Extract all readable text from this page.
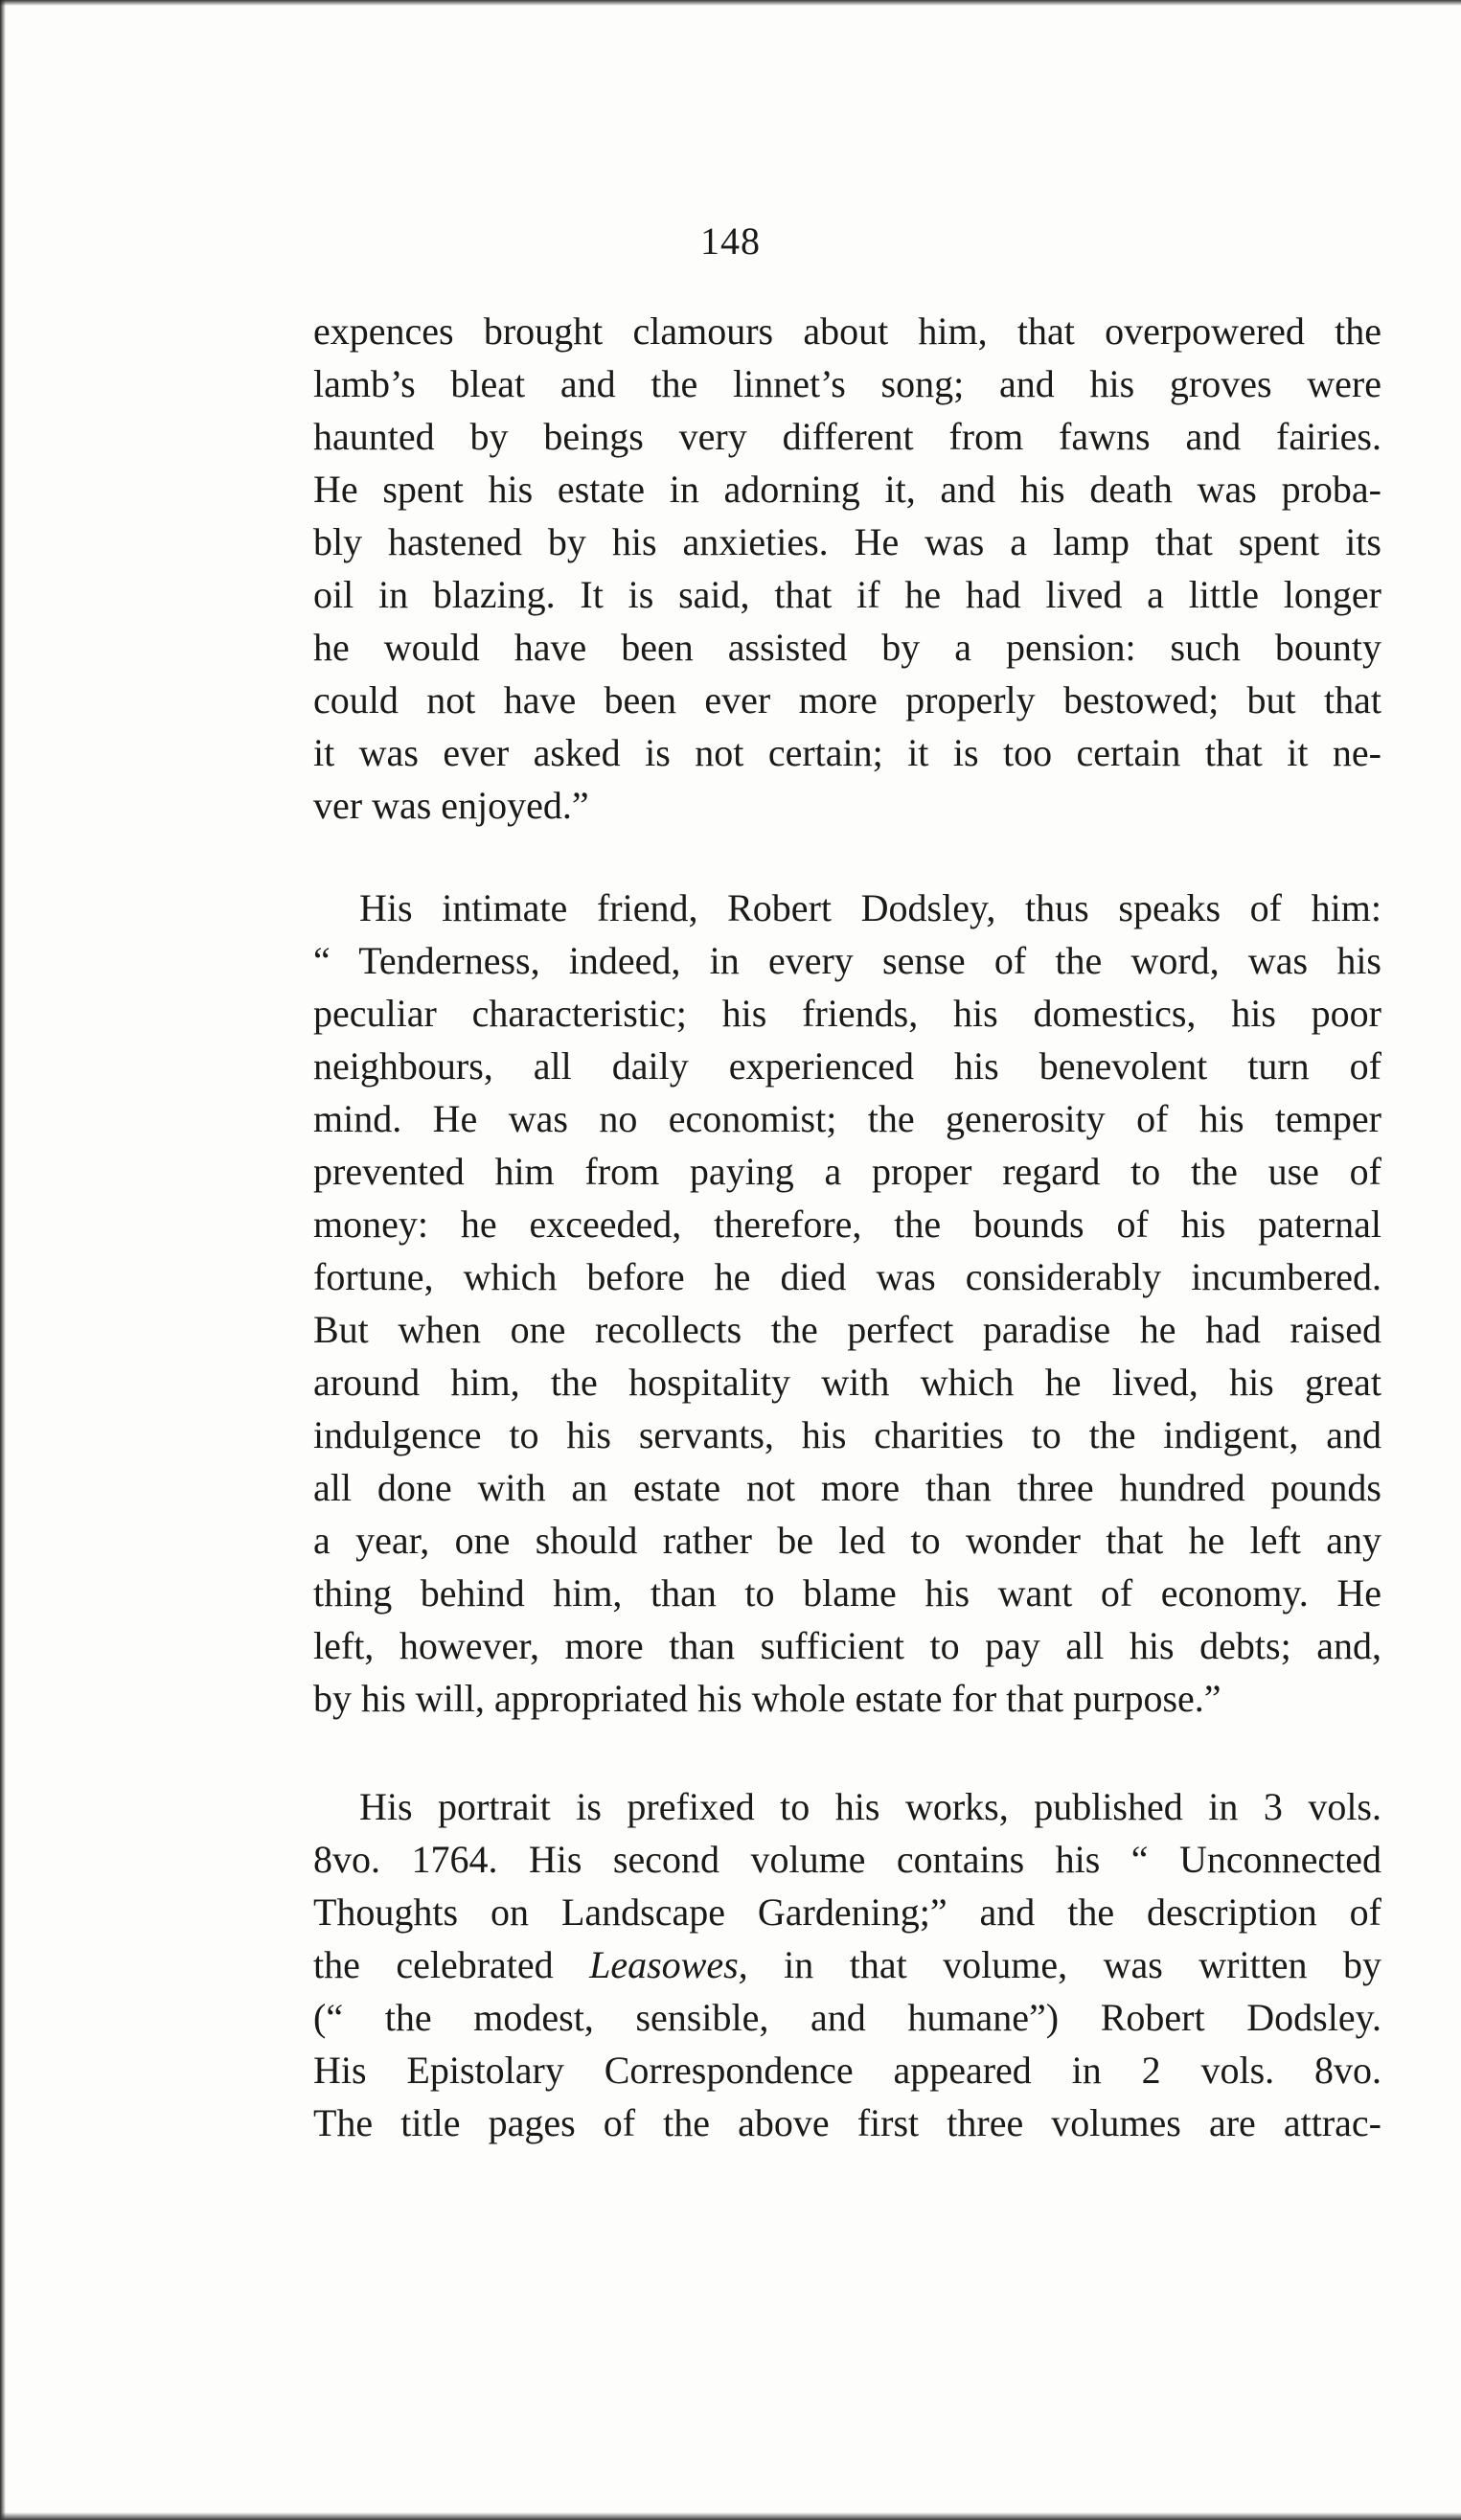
148
expences brought clamours about him, that overpowered the
lamb’s bleat and the linnet’s song; and his groves were
haunted by beings very different from fawns and fairies.
He spent his estate in adorning it, and his death was proba-
bly hastened by his anxieties. He was a lamp that spent its
oil in blazing. It is said, that if he had lived a little longer
he would have been assisted by a pension: such bounty
could not have been ever more properly bestowed; but that
it was ever asked is not certain; it is too certain that it ne-
ver was enjoyed.”
His intimate friend, Robert Dodsley, thus speaks of him:
“ Tenderness, indeed, in every sense of the word, was his
peculiar characteristic; his friends, his domestics, his poor
neighbours, all daily experienced his benevolent turn of
mind. He was no economist; the generosity of his temper
prevented him from paying a proper regard to the use of
money: he exceeded, therefore, the bounds of his paternal
fortune, which before he died was considerably incumbered.
But when one recollects the perfect paradise he had raised
around him, the hospitality with which he lived, his great
indulgence to his servants, his charities to the indigent, and
all done with an estate not more than three hundred pounds
a year, one should rather be led to wonder that he left any
thing behind him, than to blame his want of economy. He
left, however, more than sufficient to pay all his debts; and,
by his will, appropriated his whole estate for that purpose.”
His portrait is prefixed to his works, published in 3 vols.
8vo. 1764. His second volume contains his “ Unconnected
Thoughts on Landscape Gardening;” and the description of
the celebrated Leasowes, in that volume, was written by
(“ the modest, sensible, and humane”) Robert Dodsley.
His Epistolary Correspondence appeared in 2 vols. 8vo.
The title pages of the above first three volumes are attrac-
